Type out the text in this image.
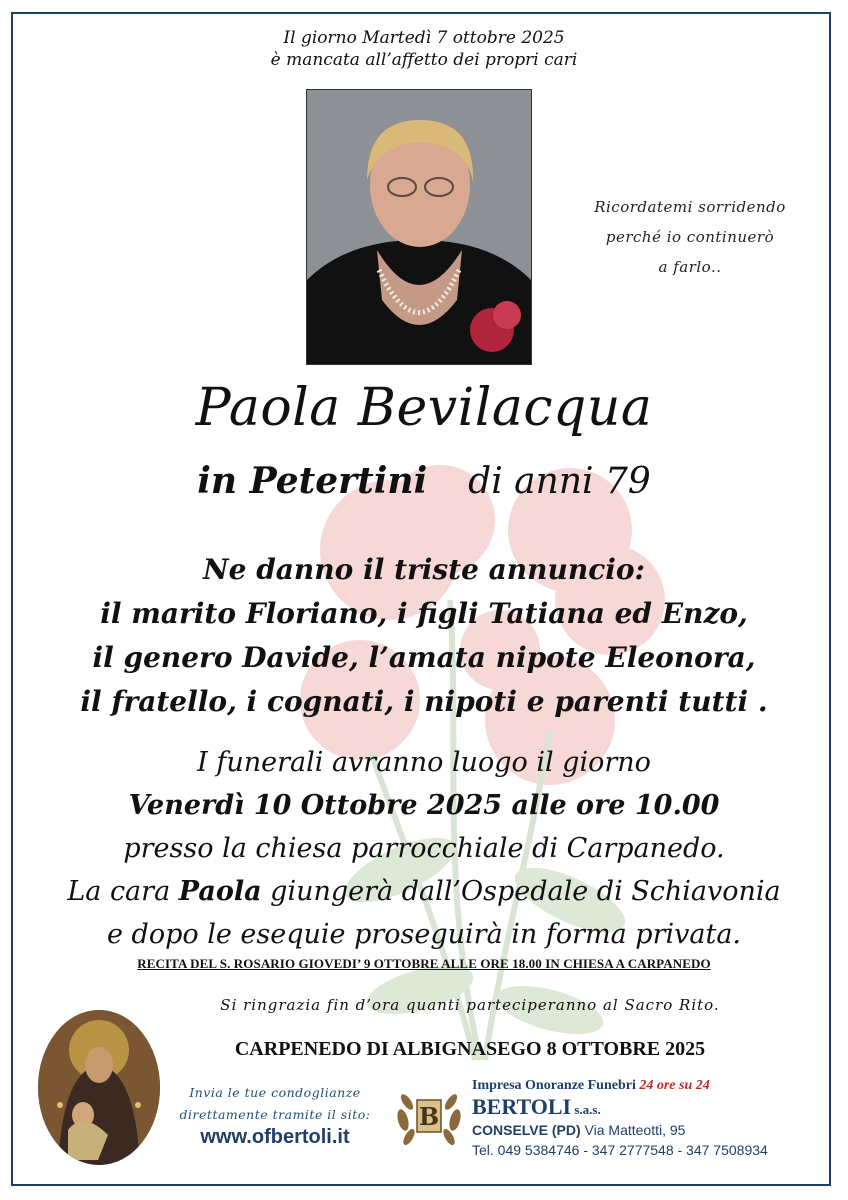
Il giorno Martedì 7 ottobre 2025
è mancata all’affetto dei propri cari
Ricordatemi sorridendo
perché io continuerò
a farlo..
Paola Bevilacqua
in Petertini di anni 79
Ne danno il triste annuncio:
il marito Floriano, i figli Tatiana ed Enzo,
il genero Davide, l’amata nipote Eleonora,
il fratello, i cognati, i nipoti e parenti tutti .
I funerali avranno luogo il giorno
Venerdì 10 Ottobre 2025 alle ore 10.00
presso la chiesa parrocchiale di Carpanedo.
La cara Paola giungerà dall’Ospedale di Schiavonia
e dopo le esequie proseguirà in forma privata.
RECITA DEL S. ROSARIO GIOVEDI’ 9 OTTOBRE ALLE ORE 18.00 IN CHIESA A CARPANEDO
Si ringrazia fin d’ora quanti parteciperanno al Sacro Rito.
CARPENEDO DI ALBIGNASEGO 8 OTTOBRE 2025
Invia le tue condoglianze
direttamente tramite il sito:
www.ofbertoli.it
B
Impresa Onoranze Funebri 24 ore su 24
BERTOLI s.a.s.
CONSELVE (PD) Via Matteotti, 95
Tel. 049 5384746 - 347 2777548 - 347 7508934
